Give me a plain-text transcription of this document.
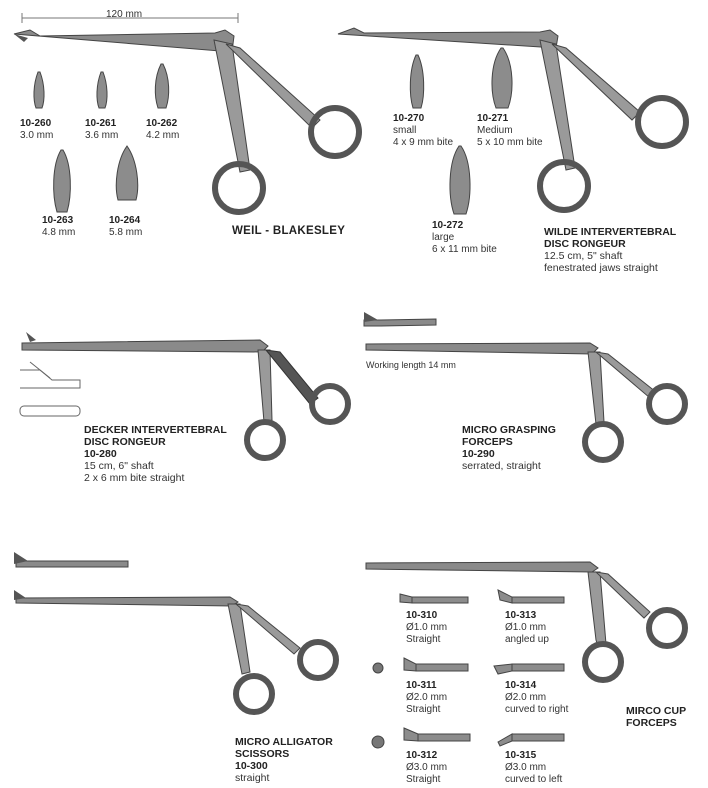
120 mm
10-260
3.0 mm
10-261
3.6 mm
10-262
4.2 mm
10-263
4.8 mm
10-264
5.8 mm	WEIL - BLAKESLEY
10-270
small
4 x 9 mm bite
10-271
Medium
5 x 10 mm bite
10-272
large
6 x 11 mm bite
WILDE INTERVERTEBRAL
DISC RONGEUR
12.5 cm, 5" shaft
fenestrated jaws straight
DECKER INTERVERTEBRAL
DISC RONGEUR
10-280
15 cm, 6" shaft
2 x 6 mm bite straight
Working length 14 mm
MICRO GRASPING
FORCEPS
10-290
serrated, straight
MICRO ALLIGATOR
SCISSORS
10-300
straight
10-310
Ø1.0 mm
Straight
10-313
Ø1.0 mm
angled up
10-311
Ø2.0 mm
Straight
10-314
Ø2.0 mm
curved to right
10-312
Ø3.0 mm
Straight
10-315
Ø3.0 mm
curved to left
MIRCO CUP
FORCEPS
